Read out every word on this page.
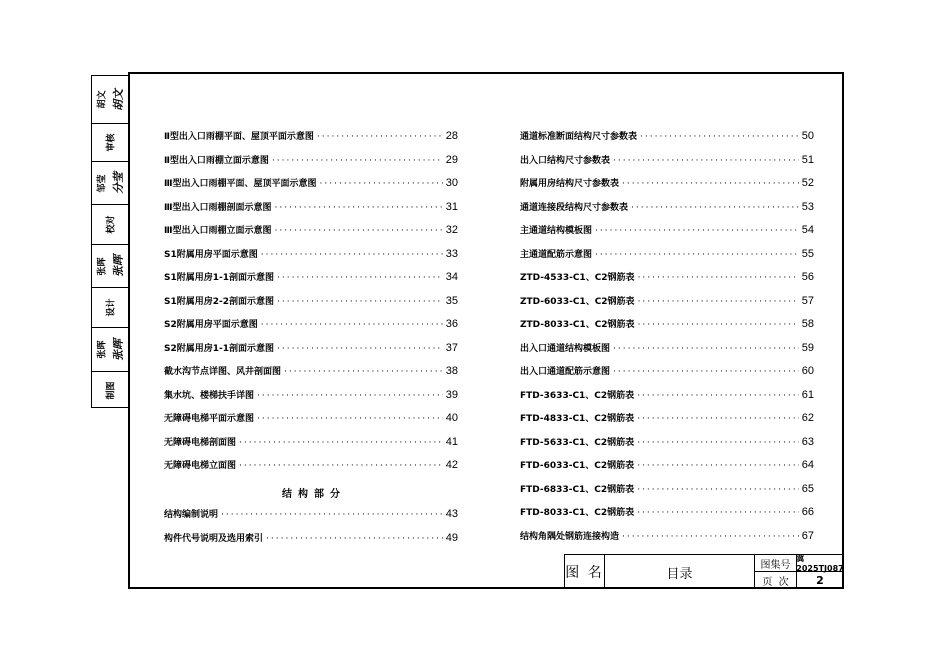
胡文 胡文
审核
邹莹 分莹
校对
张晖 张晖
设计
张晖 张晖
制图
Ⅱ型出入口雨棚平面、屋顶平面示意图 ·····	28
Ⅱ型出入口雨棚立面示意图 ·····	29
Ⅲ型出入口雨棚平面、屋顶平面示意图 ·····	30
Ⅲ型出入口雨棚剖面示意图 ·····	31
Ⅲ型出入口雨棚立面示意图 ·····	32
S1附属用房平面示意图 ·····	33
S1附属用房1-1剖面示意图 ·····	34
S1附属用房2-2剖面示意图 ·····	35
S2附属用房平面示意图 ·····	36
S2附属用房1-1剖面示意图 ·····	37
截水沟节点详图、风井剖面图 ·····	38
集水坑、楼梯扶手详图 ·····	39
无障碍电梯平面示意图 ·····	40
无障碍电梯剖面图 ·····	41
无障碍电梯立面图 ·····	42
结构部分
结构编制说明 ·····	43
构件代号说明及选用索引 ·····	49
通道标准断面结构尺寸参数表 ·····	50
出入口结构尺寸参数表 ·····	51
附属用房结构尺寸参数表 ·····	52
通道连接段结构尺寸参数表 ·····	53
主通道结构模板图 ·····	54
主通道配筋示意图 ·····	55
ZTD-4533-C1、C2钢筋表 ·····	56
ZTD-6033-C1、C2钢筋表 ·····	57
ZTD-8033-C1、C2钢筋表 ·····	58
出入口通道结构模板图 ·····	59
出入口通道配筋示意图 ·····	60
FTD-3633-C1、C2钢筋表 ·····	61
FTD-4833-C1、C2钢筋表 ·····	62
FTD-5633-C1、C2钢筋表 ·····	63
FTD-6033-C1、C2钢筋表 ·····	64
FTD-6833-C1、C2钢筋表 ·····	65
FTD-8033-C1、C2钢筋表 ·····	66
结构角隅处钢筋连接构造 ·····	67
图 名	目录
图集号
冀2025TJ087
页  次	2
